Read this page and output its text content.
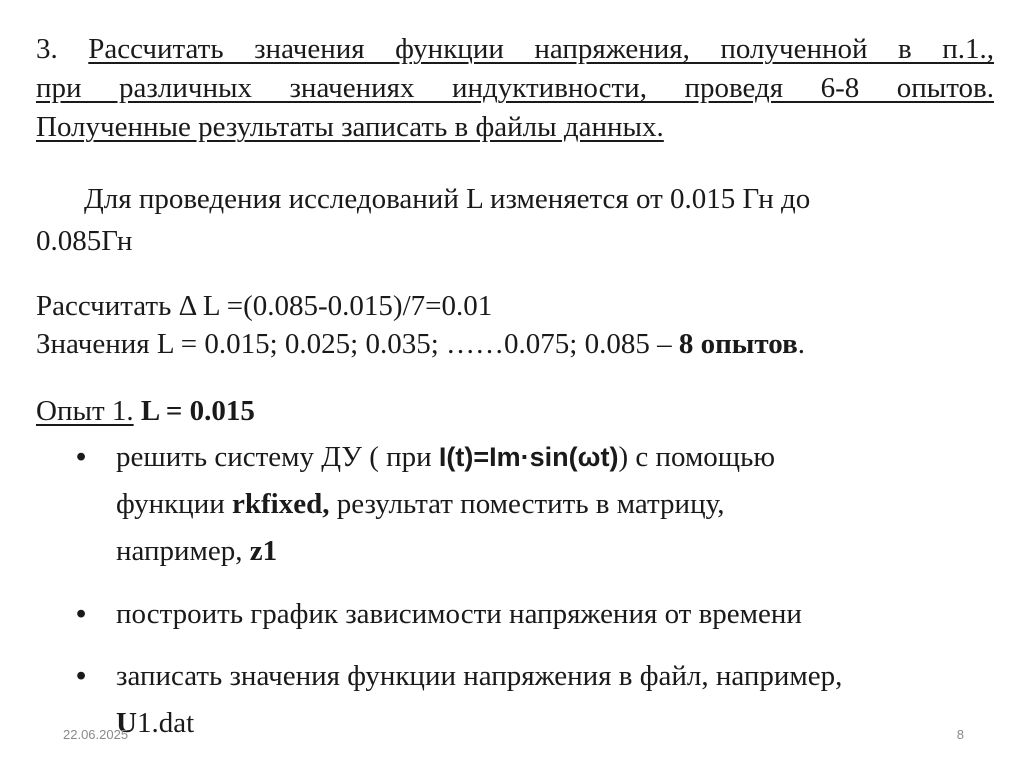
3. Рассчитать значения функции напряжения, полученной в п.1.,
при различных значениях индуктивности, проведя 6-8 опытов.
Полученные результаты записать в файлы данных.
Для проведения исследований L изменяется от 0.015 Гн до
0.085Гн
Рассчитать Δ L =(0.085-0.015)/7=0.01
Значения L = 0.015; 0.025; 0.035; ……0.075; 0.085 – 8 опытов.
Опыт 1. L = 0.015
• решить систему ДУ ( при I(t)=Im·sin(ωt)) с помощью
функции rkfixed, результат поместить в матрицу,
например, z1
• построить график зависимости напряжения от времени
• записать значения функции напряжения в файл, например,
U1.dat
22.06.2025	8
